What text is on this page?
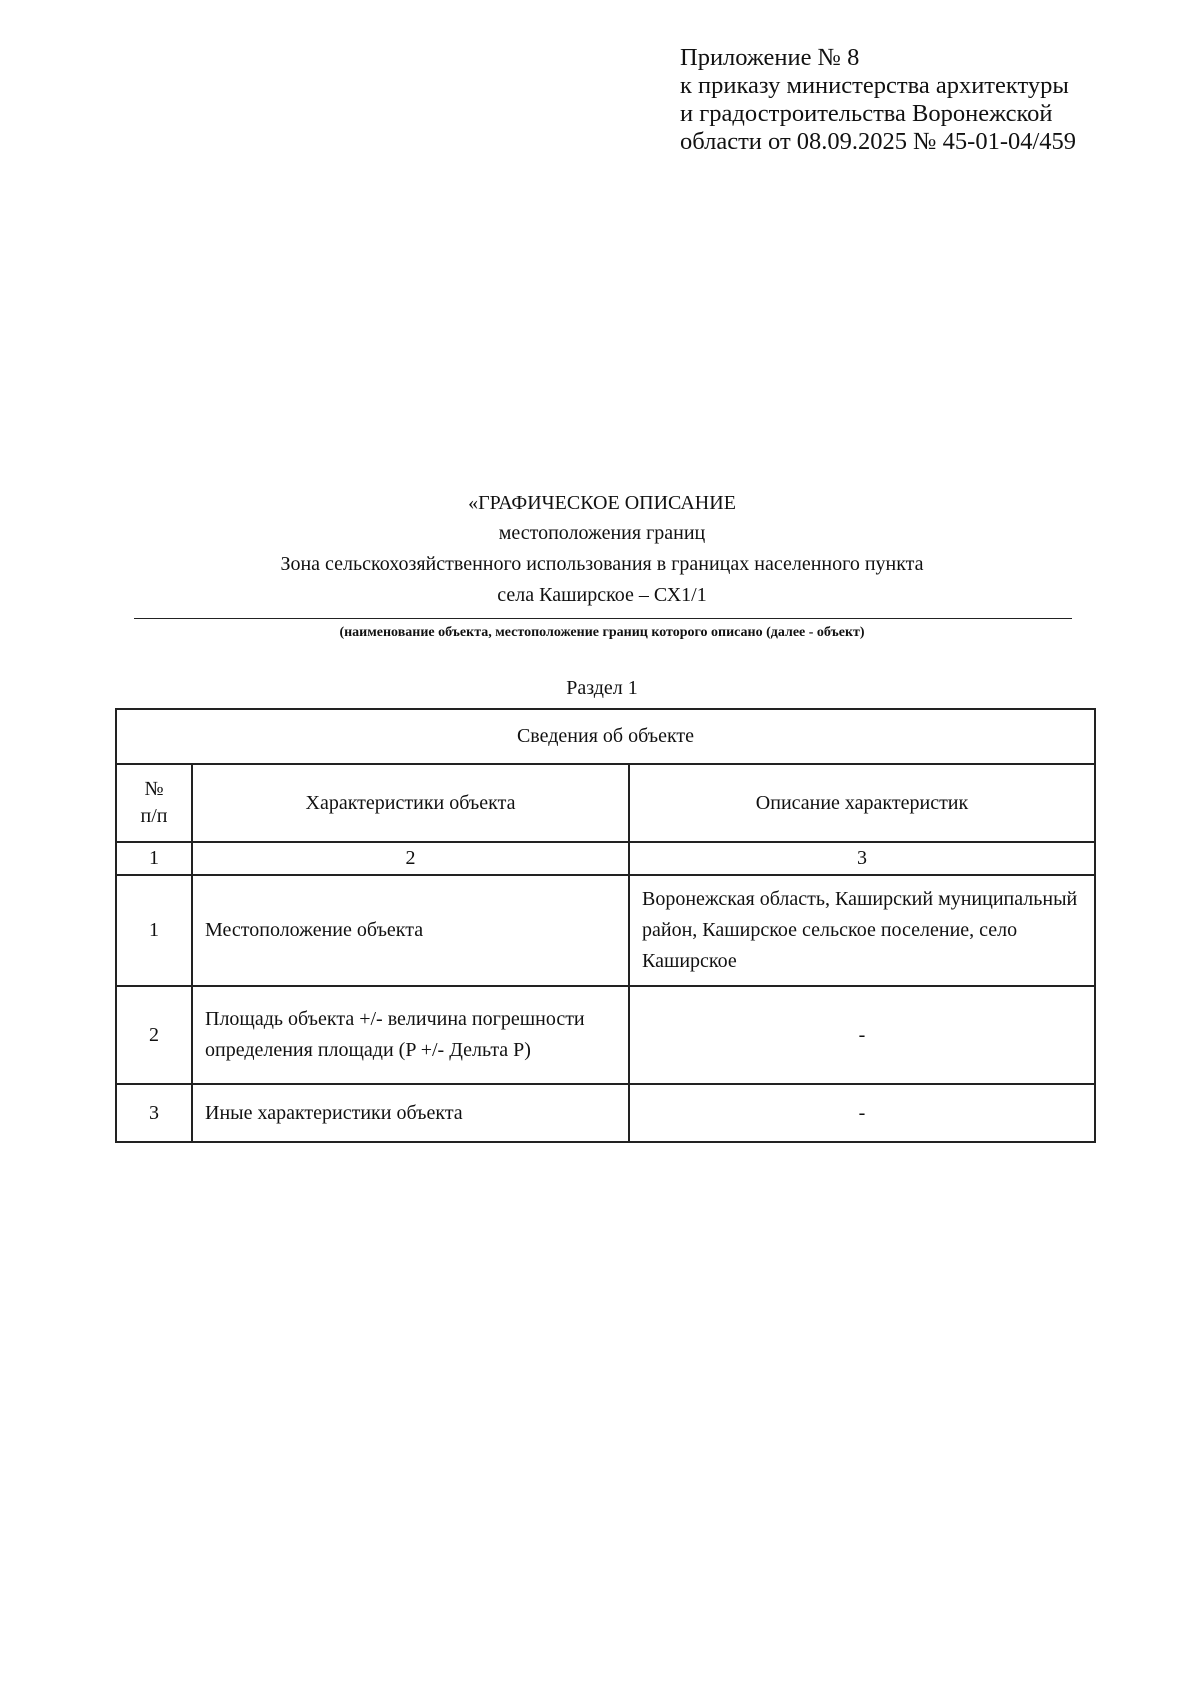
Приложение № 8
к приказу министерства архитектуры
и градостроительства Воронежской
области от 08.09.2025 № 45-01-04/459
«ГРАФИЧЕСКОЕ ОПИСАНИЕ
местоположения границ
Зона сельскохозяйственного использования в границах населенного пункта
села Каширское – СХ1/1
(наименование объекта, местоположение границ которого описано (далее - объект)
Раздел 1
Сведения об объекте		

№
п/п	Характеристики объекта	Описание характеристик
1	2	3
1	Местоположение объекта	Воронежская область, Каширский муниципальный район, Каширское сельское поселение, село Каширское
2	Площадь объекта +/- величина погрешности определения площади (P +/- Дельта P)	-
3	Иные характеристики объекта	-
